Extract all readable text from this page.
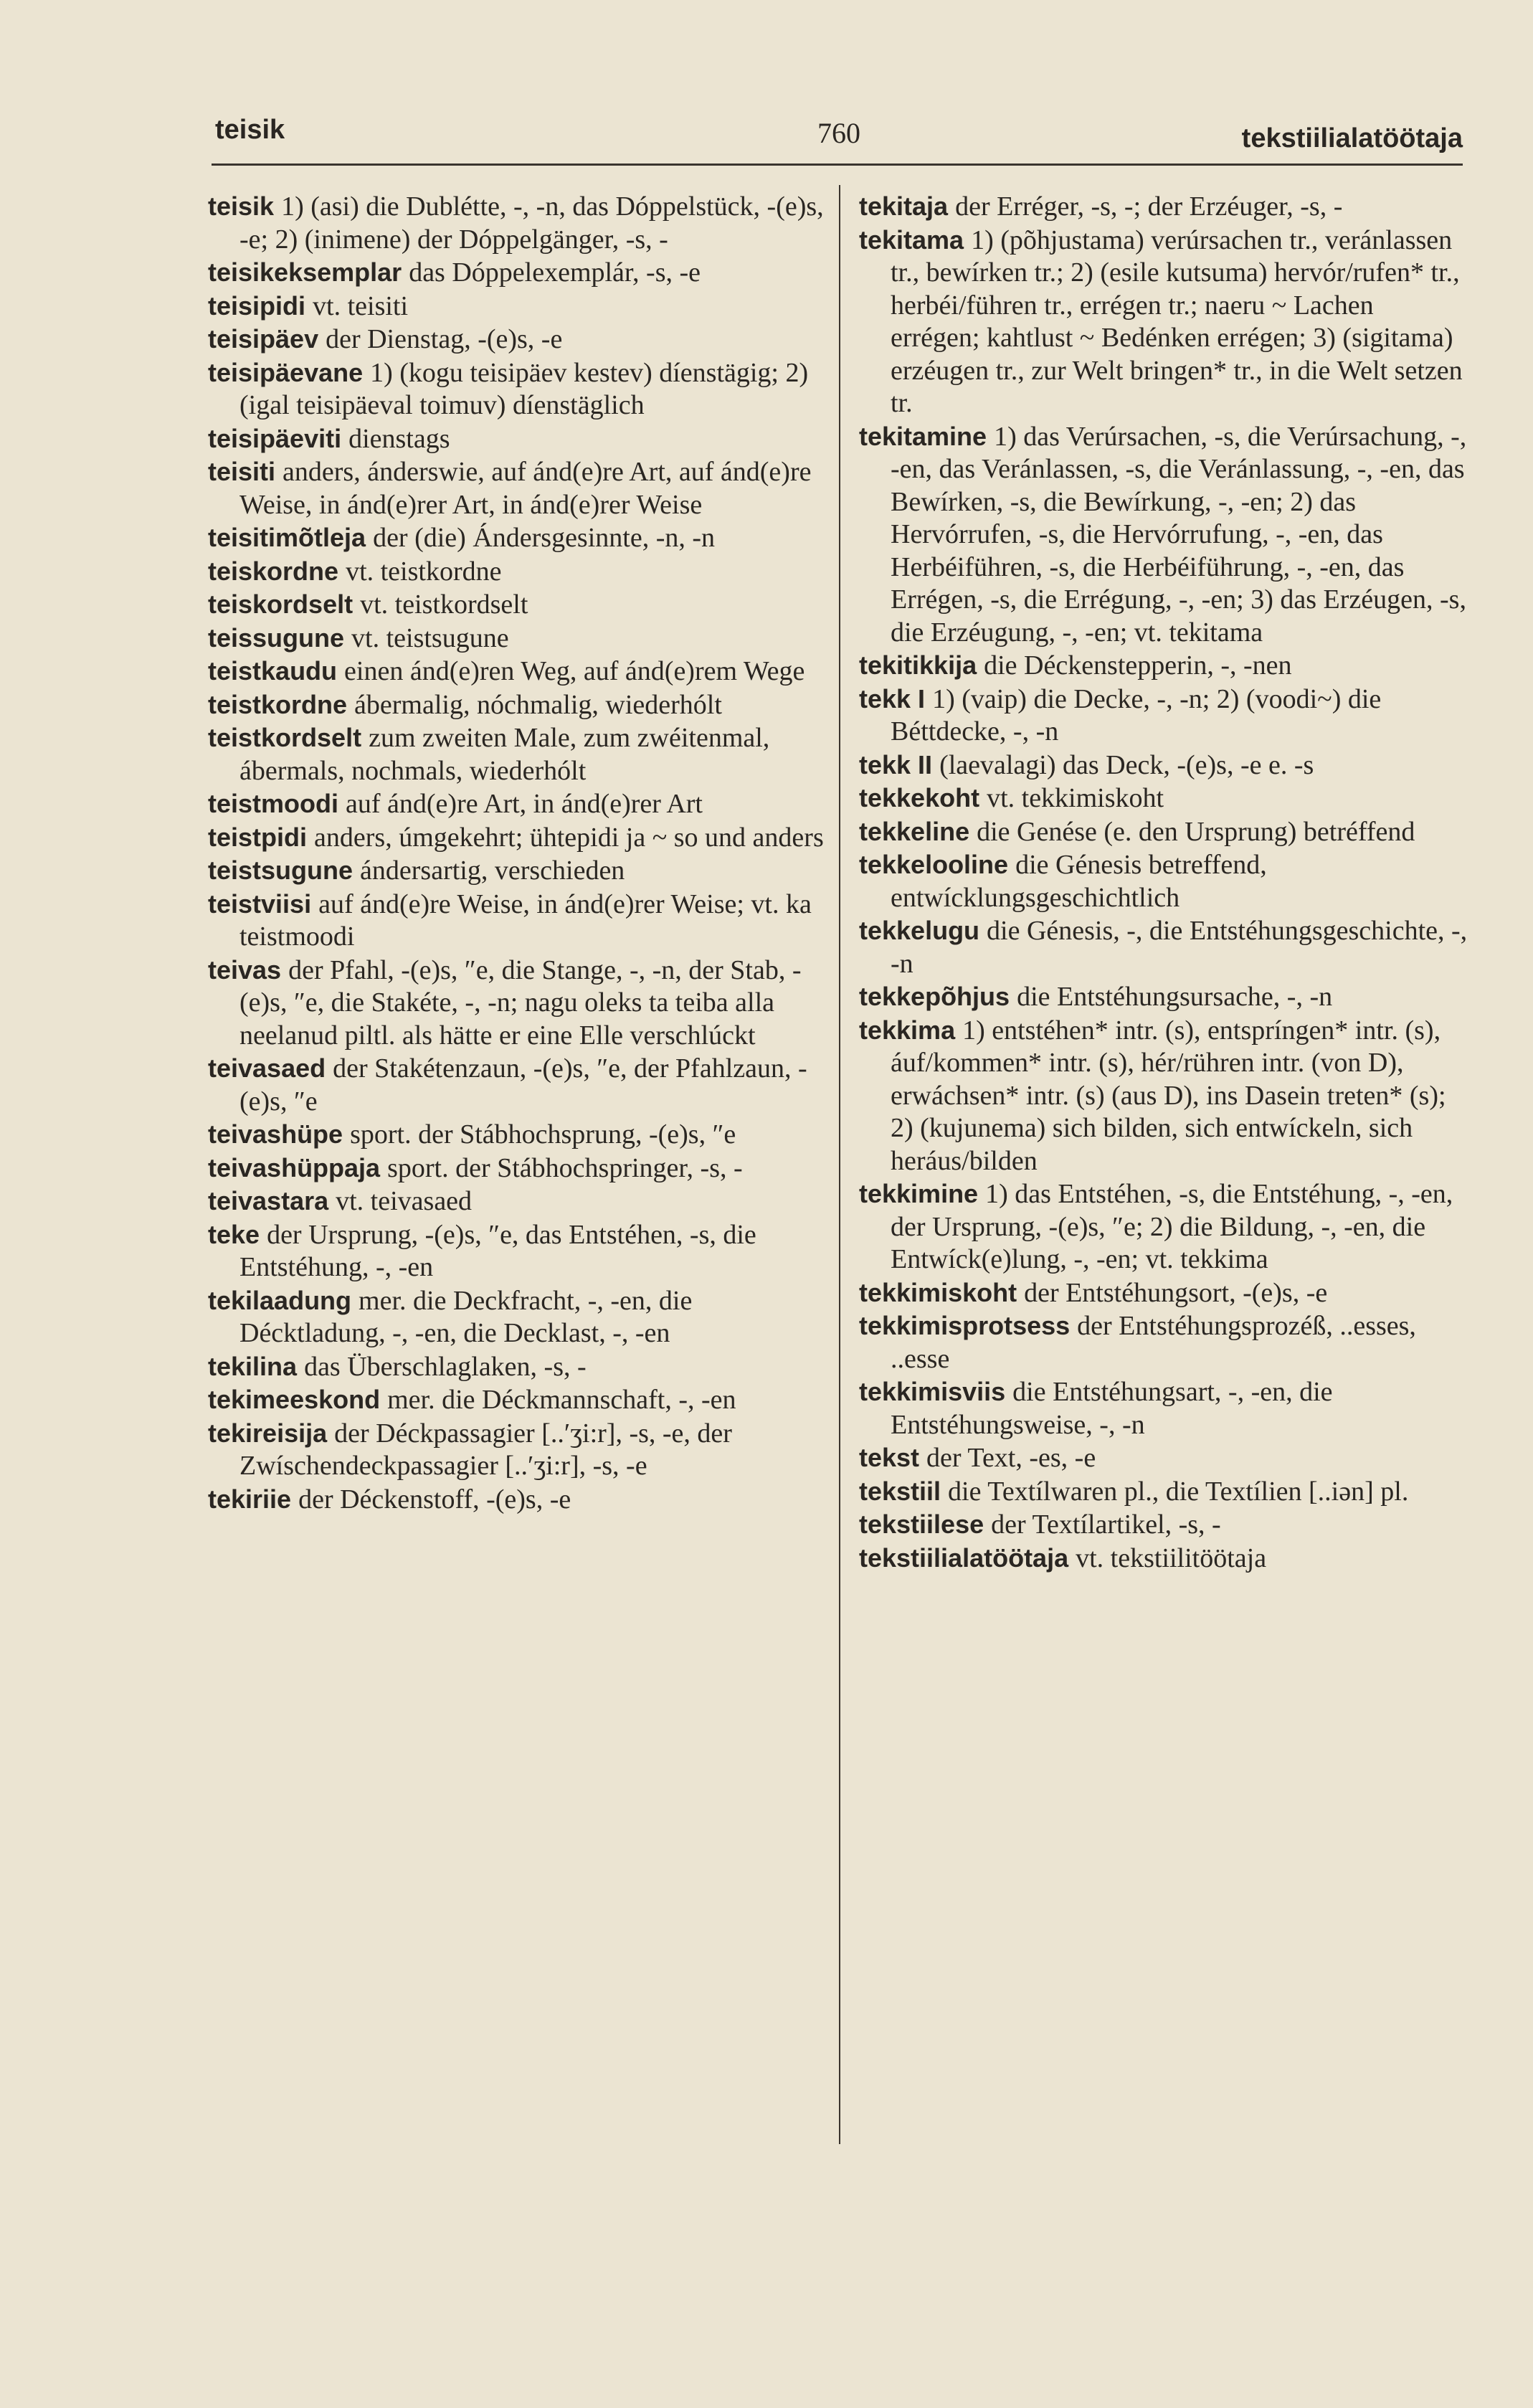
teisik	760	tekstiilialatöötaja
teisik 1) (asi) die Dublétte, -, -n, das Dóppelstück, -(e)s, -e; 2) (inimene) der Dóppelgänger, -s, -
teisikeksemplar das Dóppelexemplár, -s, -e
teisipidi vt. teisiti
teisipäev der Dienstag, -(e)s, -e
teisipäevane 1) (kogu teisipäev kestev) díenstägig; 2) (igal teisipäeval toimuv) díenstäglich
teisipäeviti dienstags
teisiti anders, ánderswie, auf ánd(e)re Art, auf ánd(e)re Weise, in ánd(e)rer Art, in ánd(e)rer Weise
teisitimõtleja der (die) Ándersgesinnte, -n, -n
teiskordne vt. teistkordne
teiskordselt vt. teistkordselt
teissugune vt. teistsugune
teistkaudu einen ánd(e)ren Weg, auf ánd(e)rem Wege
teistkordne ábermalig, nóchmalig, wiederhólt
teistkordselt zum zweiten Male, zum zwéitenmal, ábermals, nochmals, wiederhólt
teistmoodi auf ánd(e)re Art, in ánd(e)rer Art
teistpidi anders, úmgekehrt; ühtepidi ja ~ so und anders
teistsugune ándersartig, verschieden
teistviisi auf ánd(e)re Weise, in ánd(e)rer Weise; vt. ka teistmoodi
teivas der Pfahl, -(e)s, ″e, die Stange, -, -n, der Stab, -(e)s, ″e, die Stakéte, -, -n; nagu oleks ta teiba alla neelanud piltl. als hätte er eine Elle verschlúckt
teivasaed der Stakétenzaun, -(e)s, ″e, der Pfahlzaun, -(e)s, ″e
teivashüpe sport. der Stábhochsprung, -(e)s, ″e
teivashüppaja sport. der Stábhochspringer, -s, -
teivastara vt. teivasaed
teke der Ursprung, -(e)s, ″e, das Entstéhen, -s, die Entstéhung, -, -en
tekilaadung mer. die Deckfracht, -, -en, die Décktladung, -, -en, die Decklast, -, -en
tekilina das Überschlaglaken, -s, -
tekimeeskond mer. die Déckmannschaft, -, -en
tekireisija der Déckpassagier [..′ʒi:r], -s, -e, der Zwíschendeckpassagier [..′ʒi:r], -s, -e
tekiriie der Déckenstoff, -(e)s, -e
tekitaja der Erréger, -s, -; der Erzéuger, -s, -
tekitama 1) (põhjustama) verúrsachen tr., veránlassen tr., bewírken tr.; 2) (esile kutsuma) hervór/rufen* tr., herbéi/führen tr., errégen tr.; naeru ~ Lachen errégen; kahtlust ~ Bedénken errégen; 3) (sigitama) erzéugen tr., zur Welt bringen* tr., in die Welt setzen tr.
tekitamine 1) das Verúrsachen, -s, die Verúrsachung, -, -en, das Veránlassen, -s, die Veránlassung, -, -en, das Bewírken, -s, die Bewírkung, -, -en; 2) das Hervórrufen, -s, die Hervórrufung, -, -en, das Herbéiführen, -s, die Herbéiführung, -, -en, das Errégen, -s, die Errégung, -, -en; 3) das Erzéugen, -s, die Erzéugung, -, -en; vt. tekitama
tekitikkija die Déckenstepperin, -, -nen
tekk I 1) (vaip) die Decke, -, -n; 2) (voodi~) die Béttdecke, -, -n
tekk II (laevalagi) das Deck, -(e)s, -e e. -s
tekkekoht vt. tekkimiskoht
tekkeline die Genése (e. den Ursprung) betréffend
tekkelooline die Génesis betreffend, entwícklungsgeschichtlich
tekkelugu die Génesis, -, die Entstéhungsgeschichte, -, -n
tekkepõhjus die Entstéhungsursache, -, -n
tekkima 1) entstéhen* intr. (s), entspríngen* intr. (s), áuf/kommen* intr. (s), hér/rühren intr. (von D), erwáchsen* intr. (s) (aus D), ins Dasein treten* (s); 2) (kujunema) sich bilden, sich entwíckeln, sich heráus/bilden
tekkimine 1) das Entstéhen, -s, die Entstéhung, -, -en, der Ursprung, -(e)s, ″e; 2) die Bildung, -, -en, die Entwíck(e)lung, -, -en; vt. tekkima
tekkimiskoht der Entstéhungsort, -(e)s, -e
tekkimisprotsess der Entstéhungsprozéß, ..esses, ..esse
tekkimisviis die Entstéhungsart, -, -en, die Entstéhungsweise, -, -n
tekst der Text, -es, -e
tekstiil die Textílwaren pl., die Textílien [..iən] pl.
tekstiilese der Textílartikel, -s, -
tekstiilialatöötaja vt. tekstiilitöötaja
